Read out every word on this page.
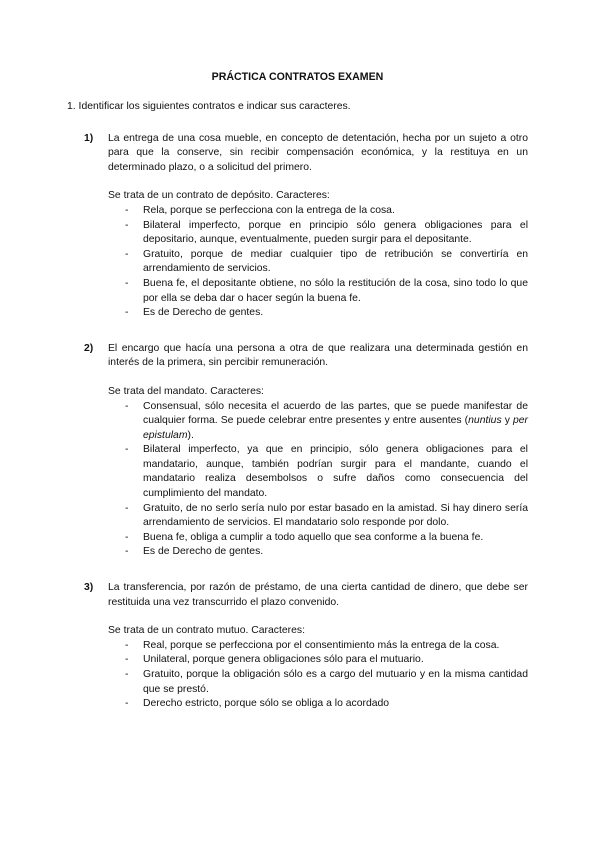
PRÁCTICA CONTRATOS EXAMEN

1. Identificar los siguientes contratos e indicar sus caracteres.

1)	La entrega de una cosa mueble, en concepto de detentación, hecha por un sujeto a otro para que la conserve, sin recibir compensación económica, y la restituya en un determinado plazo, o a solicitud del primero.
Se trata de un contrato de depósito. Caracteres:
-	Rela, porque se perfecciona con la entrega de la cosa.
-	Bilateral imperfecto, porque en principio sólo genera obligaciones para el depositario, aunque, eventualmente, pueden surgir para el depositante.
-	Gratuito, porque de mediar cualquier tipo de retribución se convertiría en arrendamiento de servicios.
-	Buena fe, el depositante obtiene, no sólo la restitución de la cosa, sino todo lo que por ella se deba dar o hacer según la buena fe.
-	Es de Derecho de gentes.
2)	El encargo que hacía una persona a otra de que realizara una determinada gestión en interés de la primera, sin percibir remuneración.
Se trata del mandato. Caracteres:
-	Consensual, sólo necesita el acuerdo de las partes, que se puede manifestar de cualquier forma. Se puede celebrar entre presentes y entre ausentes (nuntius y per epistulam).
-	Bilateral imperfecto, ya que en principio, sólo genera obligaciones para el mandatario, aunque, también podrían surgir para el mandante, cuando el mandatario realiza desembolsos o sufre daños como consecuencia del cumplimiento del mandato.
-	Gratuito, de no serlo sería nulo por estar basado en la amistad. Si hay dinero sería arrendamiento de servicios. El mandatario solo responde por dolo.
-	Buena fe, obliga a cumplir a todo aquello que sea conforme a la buena fe.
-	Es de Derecho de gentes.
3)	La transferencia, por razón de préstamo, de una cierta cantidad de dinero, que debe ser restituida una vez transcurrido el plazo convenido.
Se trata de un contrato mutuo. Caracteres:
-	Real, porque se perfecciona por el consentimiento más la entrega de la cosa.
-	Unilateral, porque genera obligaciones sólo para el mutuario.
-	Gratuito, porque la obligación sólo es a cargo del mutuario y en la misma cantidad que se prestó.
-	Derecho estricto, porque sólo se obliga a lo acordado
